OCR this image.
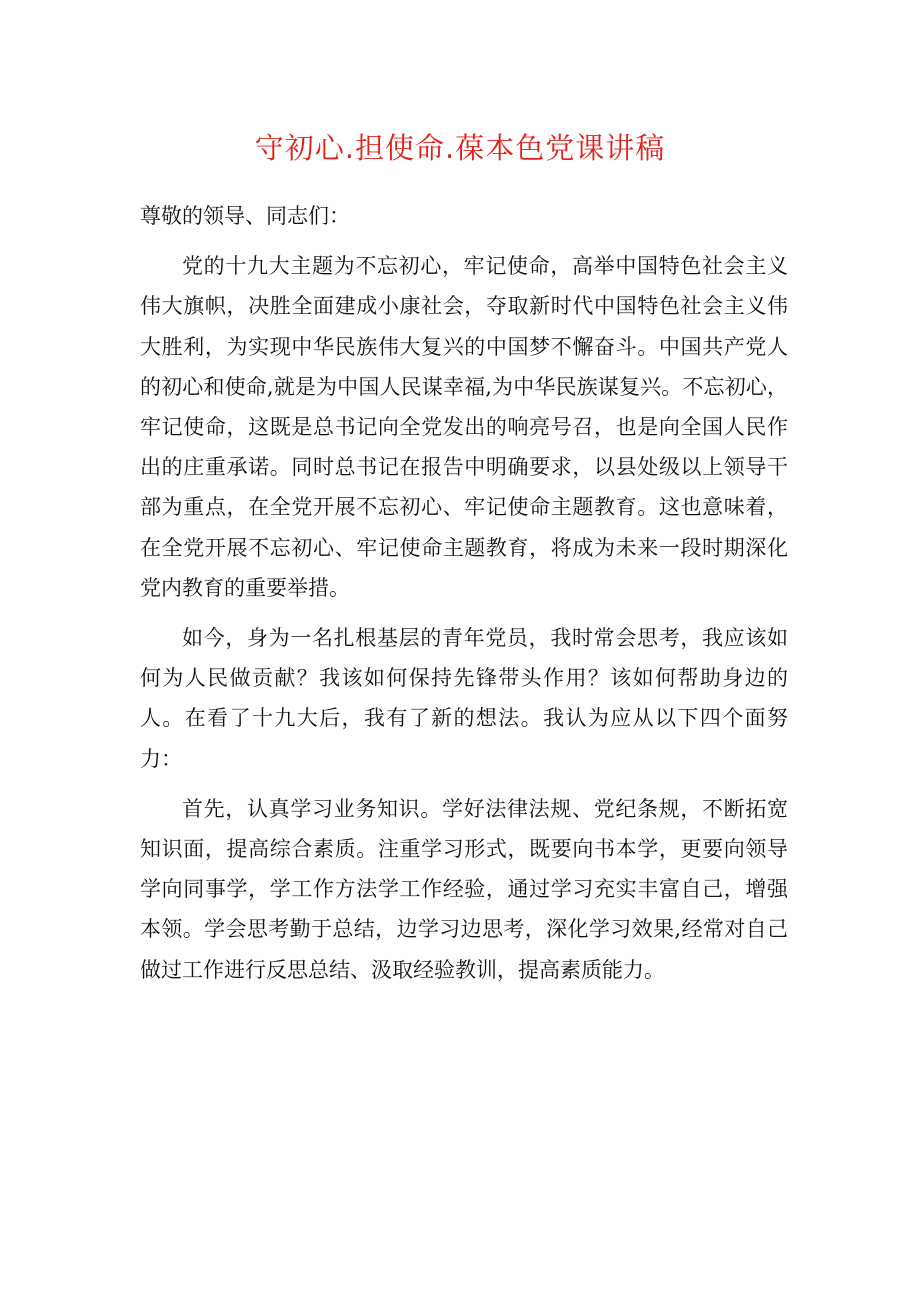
守初心.担使命.葆本色党课讲稿

尊敬的领导、同志们：

党的十九大主题为不忘初心，牢记使命，高举中国特色社会主义伟大旗帜，决胜全面建成小康社会，夺取新时代中国特色社会主义伟大胜利，为实现中华民族伟大复兴的中国梦不懈奋斗。中国共产党人的初心和使命,就是为中国人民谋幸福,为中华民族谋复兴。不忘初心，牢记使命，这既是总书记向全党发出的响亮号召，也是向全国人民作出的庄重承诺。同时总书记在报告中明确要求，以县处级以上领导干部为重点，在全党开展不忘初心、牢记使命主题教育。这也意味着，在全党开展不忘初心、牢记使命主题教育，将成为未来一段时期深化党内教育的重要举措。

如今，身为一名扎根基层的青年党员，我时常会思考，我应该如何为人民做贡献？我该如何保持先锋带头作用？该如何帮助身边的人。在看了十九大后，我有了新的想法。我认为应从以下四个面努力：

首先，认真学习业务知识。学好法律法规、党纪条规，不断拓宽知识面，提高综合素质。注重学习形式，既要向书本学，更要向领导学向同事学，学工作方法学工作经验，通过学习充实丰富自己，增强本领。学会思考勤于总结，边学习边思考，深化学习效果,经常对自己做过工作进行反思总结、汲取经验教训，提高素质能力。
